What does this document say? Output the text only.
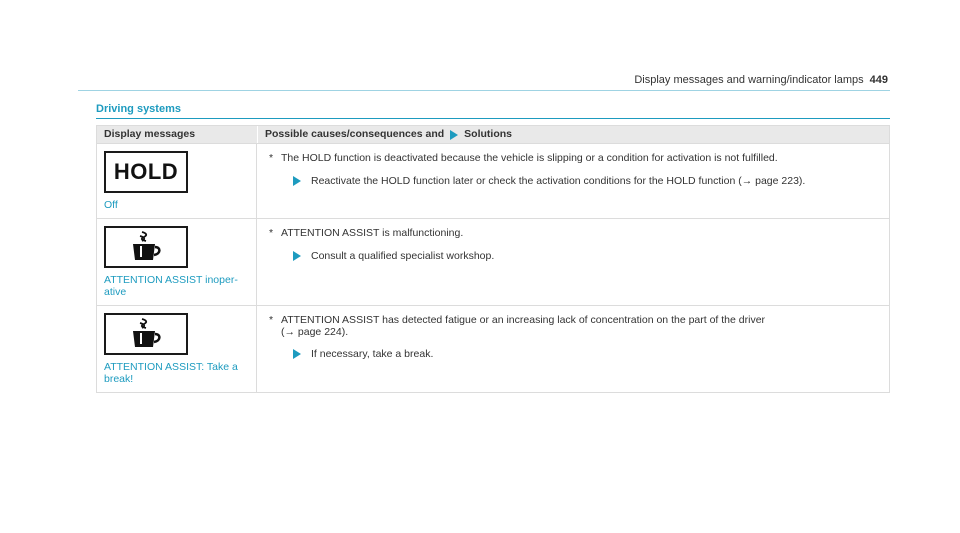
Display messages and warning/indicator lamps 449
Driving systems
Display messages	Possible causes/consequences and Solutions
HOLD
Off
* The HOLD function is deactivated because the vehicle is slipping or a condition for activation is not fulfilled.
Reactivate the HOLD function later or check the activation conditions for the HOLD function (→ page 223).
ATTENTION ASSIST inoper-
ative
* ATTENTION ASSIST is malfunctioning.
Consult a qualified specialist workshop.
ATTENTION ASSIST: Take a
break!
* ATTENTION ASSIST has detected fatigue or an increasing lack of concentration on the part of the driver
(→ page 224).
If necessary, take a break.
